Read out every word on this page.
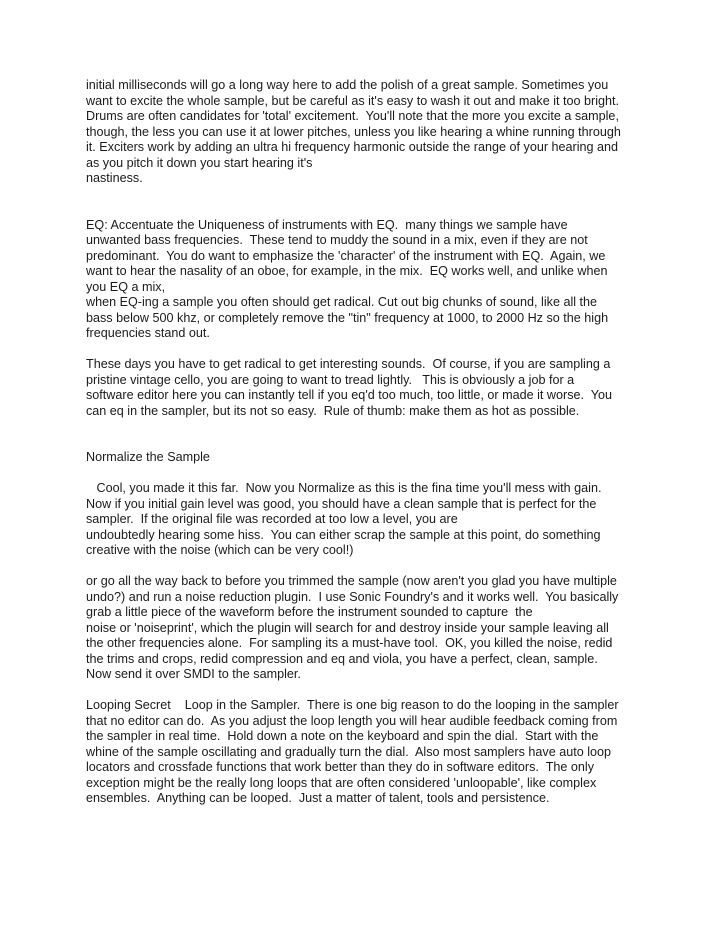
initial milliseconds will go a long way here to add the polish of a great sample. Sometimes you
want to excite the whole sample, but be careful as it's easy to wash it out and make it too bright.
Drums are often candidates for 'total' excitement.  You'll note that the more you excite a sample,
though, the less you can use it at lower pitches, unless you like hearing a whine running through
it. Exciters work by adding an ultra hi frequency harmonic outside the range of your hearing and
as you pitch it down you start hearing it's
nastiness.
EQ: Accentuate the Uniqueness of instruments with EQ.  many things we sample have
unwanted bass frequencies.  These tend to muddy the sound in a mix, even if they are not
predominant.  You do want to emphasize the 'character' of the instrument with EQ.  Again, we
want to hear the nasality of an oboe, for example, in the mix.  EQ works well, and unlike when
you EQ a mix,
when EQ-ing a sample you often should get radical. Cut out big chunks of sound, like all the
bass below 500 khz, or completely remove the "tin" frequency at 1000, to 2000 Hz so the high
frequencies stand out.
These days you have to get radical to get interesting sounds.  Of course, if you are sampling a
pristine vintage cello, you are going to want to tread lightly.   This is obviously a job for a
software editor here you can instantly tell if you eq'd too much, too little, or made it worse.  You
can eq in the sampler, but its not so easy.  Rule of thumb: make them as hot as possible.
Normalize the Sample
Cool, you made it this far.  Now you Normalize as this is the fina time you'll mess with gain.
Now if you initial gain level was good, you should have a clean sample that is perfect for the
sampler.  If the original file was recorded at too low a level, you are
undoubtedly hearing some hiss.  You can either scrap the sample at this point, do something
creative with the noise (which can be very cool!)
or go all the way back to before you trimmed the sample (now aren't you glad you have multiple
undo?) and run a noise reduction plugin.  I use Sonic Foundry's and it works well.  You basically
grab a little piece of the waveform before the instrument sounded to capture  the
noise or 'noiseprint', which the plugin will search for and destroy inside your sample leaving all
the other frequencies alone.  For sampling its a must-have tool.  OK, you killed the noise, redid
the trims and crops, redid compression and eq and viola, you have a perfect, clean, sample.
Now send it over SMDI to the sampler.
Looping Secret    Loop in the Sampler.  There is one big reason to do the looping in the sampler
that no editor can do.  As you adjust the loop length you will hear audible feedback coming from
the sampler in real time.  Hold down a note on the keyboard and spin the dial.  Start with the
whine of the sample oscillating and gradually turn the dial.  Also most samplers have auto loop
locators and crossfade functions that work better than they do in software editors.  The only
exception might be the really long loops that are often considered 'unloopable', like complex
ensembles.  Anything can be looped.  Just a matter of talent, tools and persistence.
